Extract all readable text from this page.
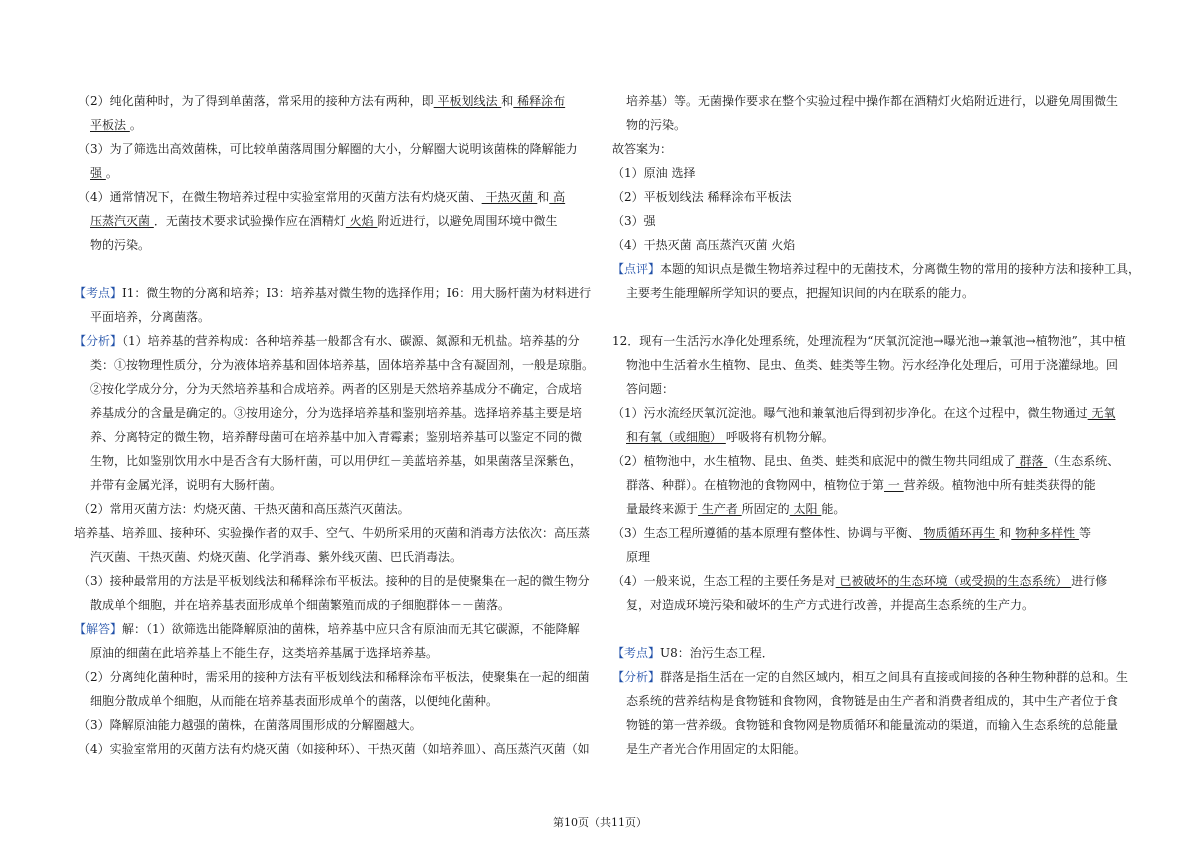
（2）纯化菌种时，为了得到单菌落，常采用的接种方法有两种，即 平板划线法 和 稀释涂布
平板法 。
（3）为了筛选出高效菌株，可比较单菌落周围分解圈的大小，分解圈大说明该菌株的降解能力
强 。
（4）通常情况下，在微生物培养过程中实验室常用的灭菌方法有灼烧灭菌、 干热灭菌 和 高
压蒸汽灭菌 ．无菌技术要求试验操作应在酒精灯 火焰 附近进行，以避免周围环境中微生
物的污染。
【考点】I1：微生物的分离和培养；I3：培养基对微生物的选择作用；I6：用大肠杆菌为材料进行
平面培养，分离菌落。
【分析】（1）培养基的营养构成：各种培养基一般都含有水、碳源、氮源和无机盐。培养基的分
类：①按物理性质分，分为液体培养基和固体培养基，固体培养基中含有凝固剂，一般是琼脂。
②按化学成分分，分为天然培养基和合成培养。两者的区别是天然培养基成分不确定，合成培
养基成分的含量是确定的。③按用途分，分为选择培养基和鉴别培养基。选择培养基主要是培
养、分离特定的微生物，培养酵母菌可在培养基中加入青霉素；鉴别培养基可以鉴定不同的微
生物，比如鉴别饮用水中是否含有大肠杆菌，可以用伊红－美蓝培养基，如果菌落呈深紫色，
并带有金属光泽，说明有大肠杆菌。
（2）常用灭菌方法：灼烧灭菌、干热灭菌和高压蒸汽灭菌法。
培养基、培养皿、接种环、实验操作者的双手、空气、牛奶所采用的灭菌和消毒方法依次：高压蒸
汽灭菌、干热灭菌、灼烧灭菌、化学消毒、紫外线灭菌、巴氏消毒法。
（3）接种最常用的方法是平板划线法和稀释涂布平板法。接种的目的是使聚集在一起的微生物分
散成单个细胞，并在培养基表面形成单个细菌繁殖而成的子细胞群体－－菌落。
【解答】解：（1）欲筛选出能降解原油的菌株，培养基中应只含有原油而无其它碳源，不能降解
原油的细菌在此培养基上不能生存，这类培养基属于选择培养基。
（2）分离纯化菌种时，需采用的接种方法有平板划线法和稀释涂布平板法，使聚集在一起的细菌
细胞分散成单个细胞，从而能在培养基表面形成单个的菌落，以便纯化菌种。
（3）降解原油能力越强的菌株，在菌落周围形成的分解圈越大。
（4）实验室常用的灭菌方法有灼烧灭菌（如接种环）、干热灭菌（如培养皿）、高压蒸汽灭菌（如
培养基）等。无菌操作要求在整个实验过程中操作都在酒精灯火焰附近进行，以避免周围微生
物的污染。
故答案为：
（1）原油 选择
（2）平板划线法 稀释涂布平板法
（3）强
（4）干热灭菌 高压蒸汽灭菌 火焰
【点评】本题的知识点是微生物培养过程中的无菌技术，分离微生物的常用的接种方法和接种工具，
主要考生能理解所学知识的要点，把握知识间的内在联系的能力。
12．现有一生活污水净化处理系统，处理流程为“厌氧沉淀池→曝光池→兼氧池→植物池”，其中植
物池中生活着水生植物、昆虫、鱼类、蛙类等生物。污水经净化处理后，可用于浇灌绿地。回
答问题：
（1）污水流经厌氧沉淀池。曝气池和兼氧池后得到初步净化。在这个过程中，微生物通过 无氧
和有氧（或细胞） 呼吸将有机物分解。
（2）植物池中，水生植物、昆虫、鱼类、蛙类和底泥中的微生物共同组成了 群落 （生态系统、
群落、种群）。在植物池的食物网中，植物位于第 一 营养级。植物池中所有蛙类获得的能
量最终来源于 生产者 所固定的 太阳 能。
（3）生态工程所遵循的基本原理有整体性、协调与平衡、 物质循环再生 和 物种多样性 等
原理
（4）一般来说，生态工程的主要任务是对 已被破坏的生态环境（或受损的生态系统） 进行修
复，对造成环境污染和破坏的生产方式进行改善，并提高生态系统的生产力。
【考点】U8：治污生态工程．
【分析】群落是指生活在一定的自然区域内，相互之间具有直接或间接的各种生物种群的总和。生
态系统的营养结构是食物链和食物网，食物链是由生产者和消费者组成的，其中生产者位于食
物链的第一营养级。食物链和食物网是物质循环和能量流动的渠道，而输入生态系统的总能量
是生产者光合作用固定的太阳能。
第10页（共11页）
